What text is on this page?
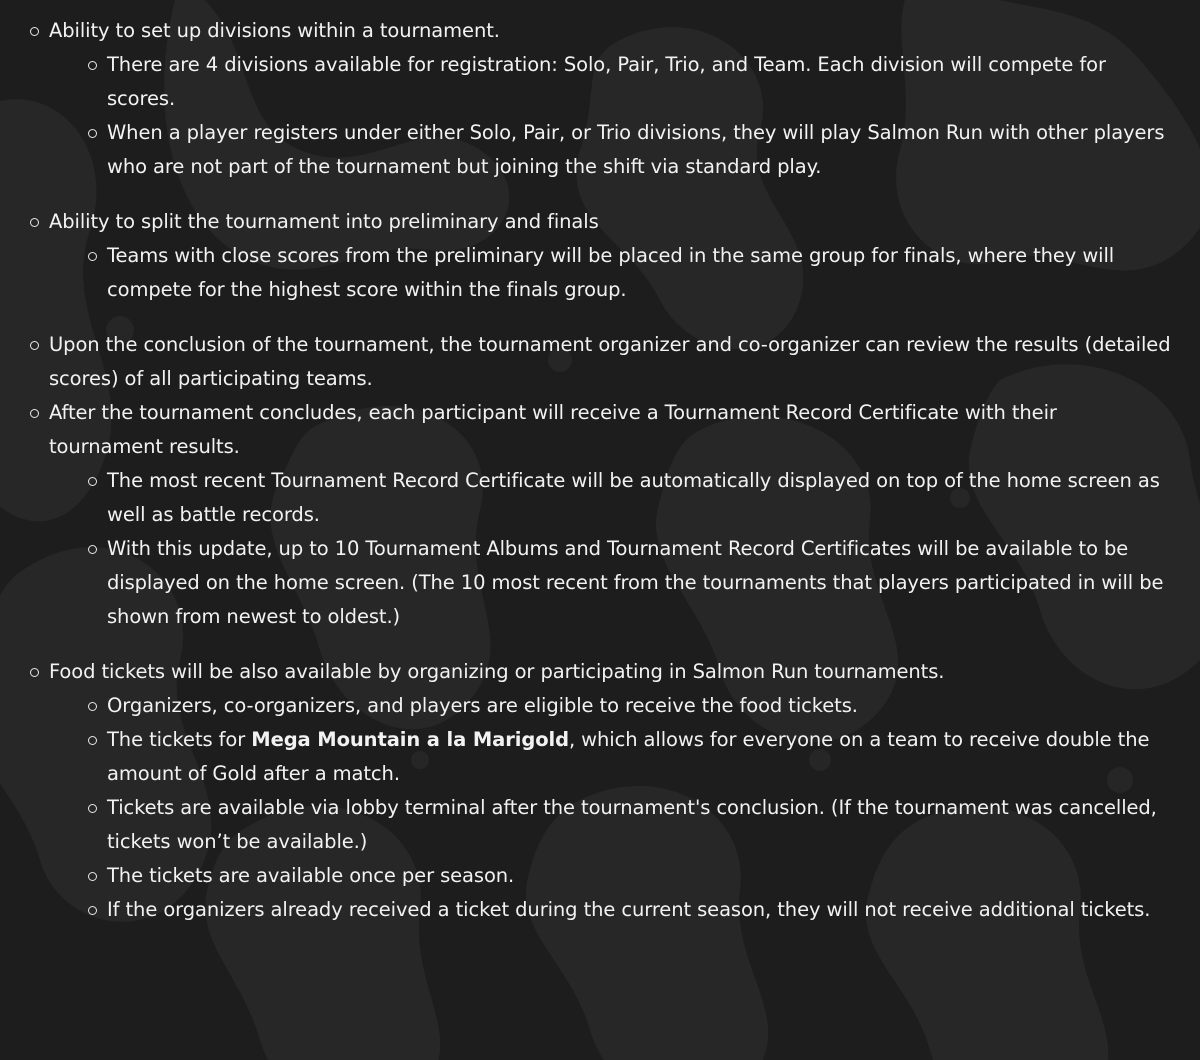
Ability to set up divisions within a tournament.
There are 4 divisions available for registration: Solo, Pair, Trio, and Team. Each division will compete for scores.
When a player registers under either Solo, Pair, or Trio divisions, they will play Salmon Run with other players who are not part of the tournament but joining the shift via standard play.
Ability to split the tournament into preliminary and finals
Teams with close scores from the preliminary will be placed in the same group for finals, where they will compete for the highest score within the finals group.
Upon the conclusion of the tournament, the tournament organizer and co-organizer can review the results (detailed scores) of all participating teams.
After the tournament concludes, each participant will receive a Tournament Record Certificate with their tournament results.
The most recent Tournament Record Certificate will be automatically displayed on top of the home screen as well as battle records.
With this update, up to 10 Tournament Albums and Tournament Record Certificates will be available to be displayed on the home screen. (The 10 most recent from the tournaments that players participated in will be shown from newest to oldest.)
Food tickets will be also available by organizing or participating in Salmon Run tournaments.
Organizers, co-organizers, and players are eligible to receive the food tickets.
The tickets for Mega Mountain a la Marigold, which allows for everyone on a team to receive double the amount of Gold after a match.
Tickets are available via lobby terminal after the tournament's conclusion. (If the tournament was cancelled, tickets won’t be available.)
The tickets are available once per season.
If the organizers already received a ticket during the current season, they will not receive additional tickets.
